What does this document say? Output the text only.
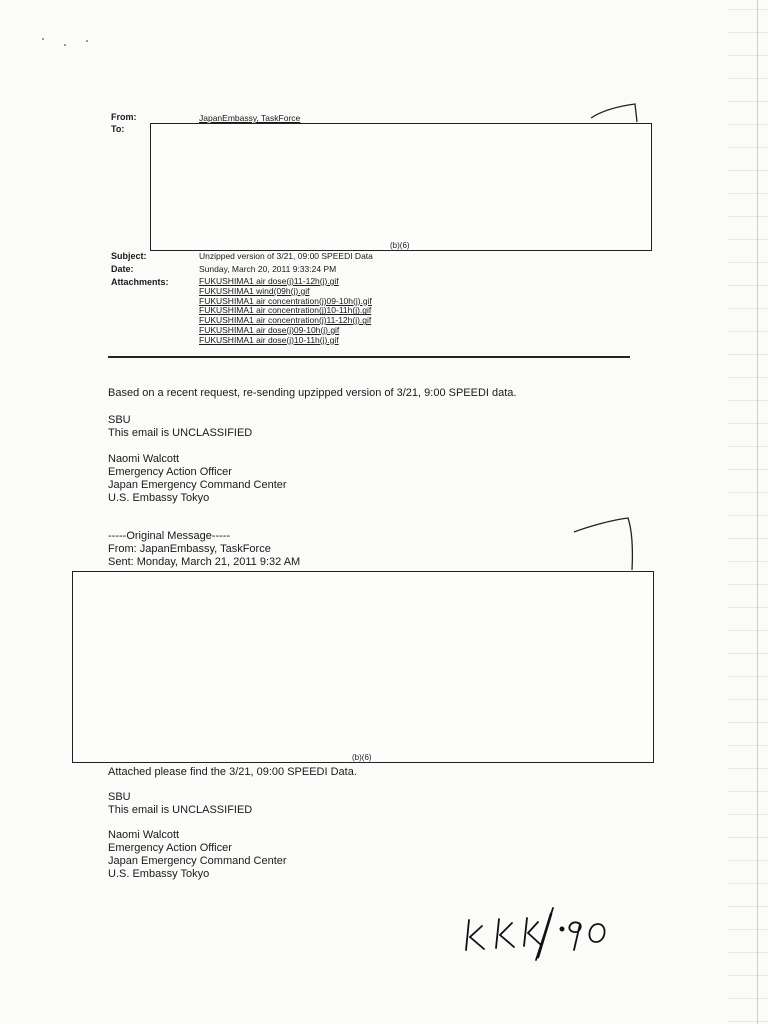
From:	JapanEmbassy, TaskForce
To:
(b)(6)
Subject:	Unzipped version of 3/21, 09:00 SPEEDI Data
Date:	Sunday, March 20, 2011 9:33:24 PM
Attachments:	FUKUSHIMA1 air dose(j)11-12h(j).gif
FUKUSHIMA1 wind(09h(j).gif
FUKUSHIMA1 air concentration(j)09-10h(j).gif
FUKUSHIMA1 air concentration(j)10-11h(j).gif
FUKUSHIMA1 air concentration(j)11-12h(j).gif
FUKUSHIMA1 air dose(j)09-10h(j).gif
FUKUSHIMA1 air dose(j)10-11h(j).gif

Based on a recent request, re-sending upzipped version of 3/21, 9:00 SPEEDI data.

SBU

This email is UNCLASSIFIED

Naomi Walcott

Emergency Action Officer

Japan Emergency Command Center

U.S. Embassy Tokyo

-----Original Message-----

From: JapanEmbassy, TaskForce

Sent: Monday, March 21, 2011 9:32 AM

(b)(6)

Attached please find the 3/21, 09:00 SPEEDI Data.

SBU

This email is UNCLASSIFIED

Naomi Walcott

Emergency Action Officer

Japan Emergency Command Center

U.S. Embassy Tokyo
